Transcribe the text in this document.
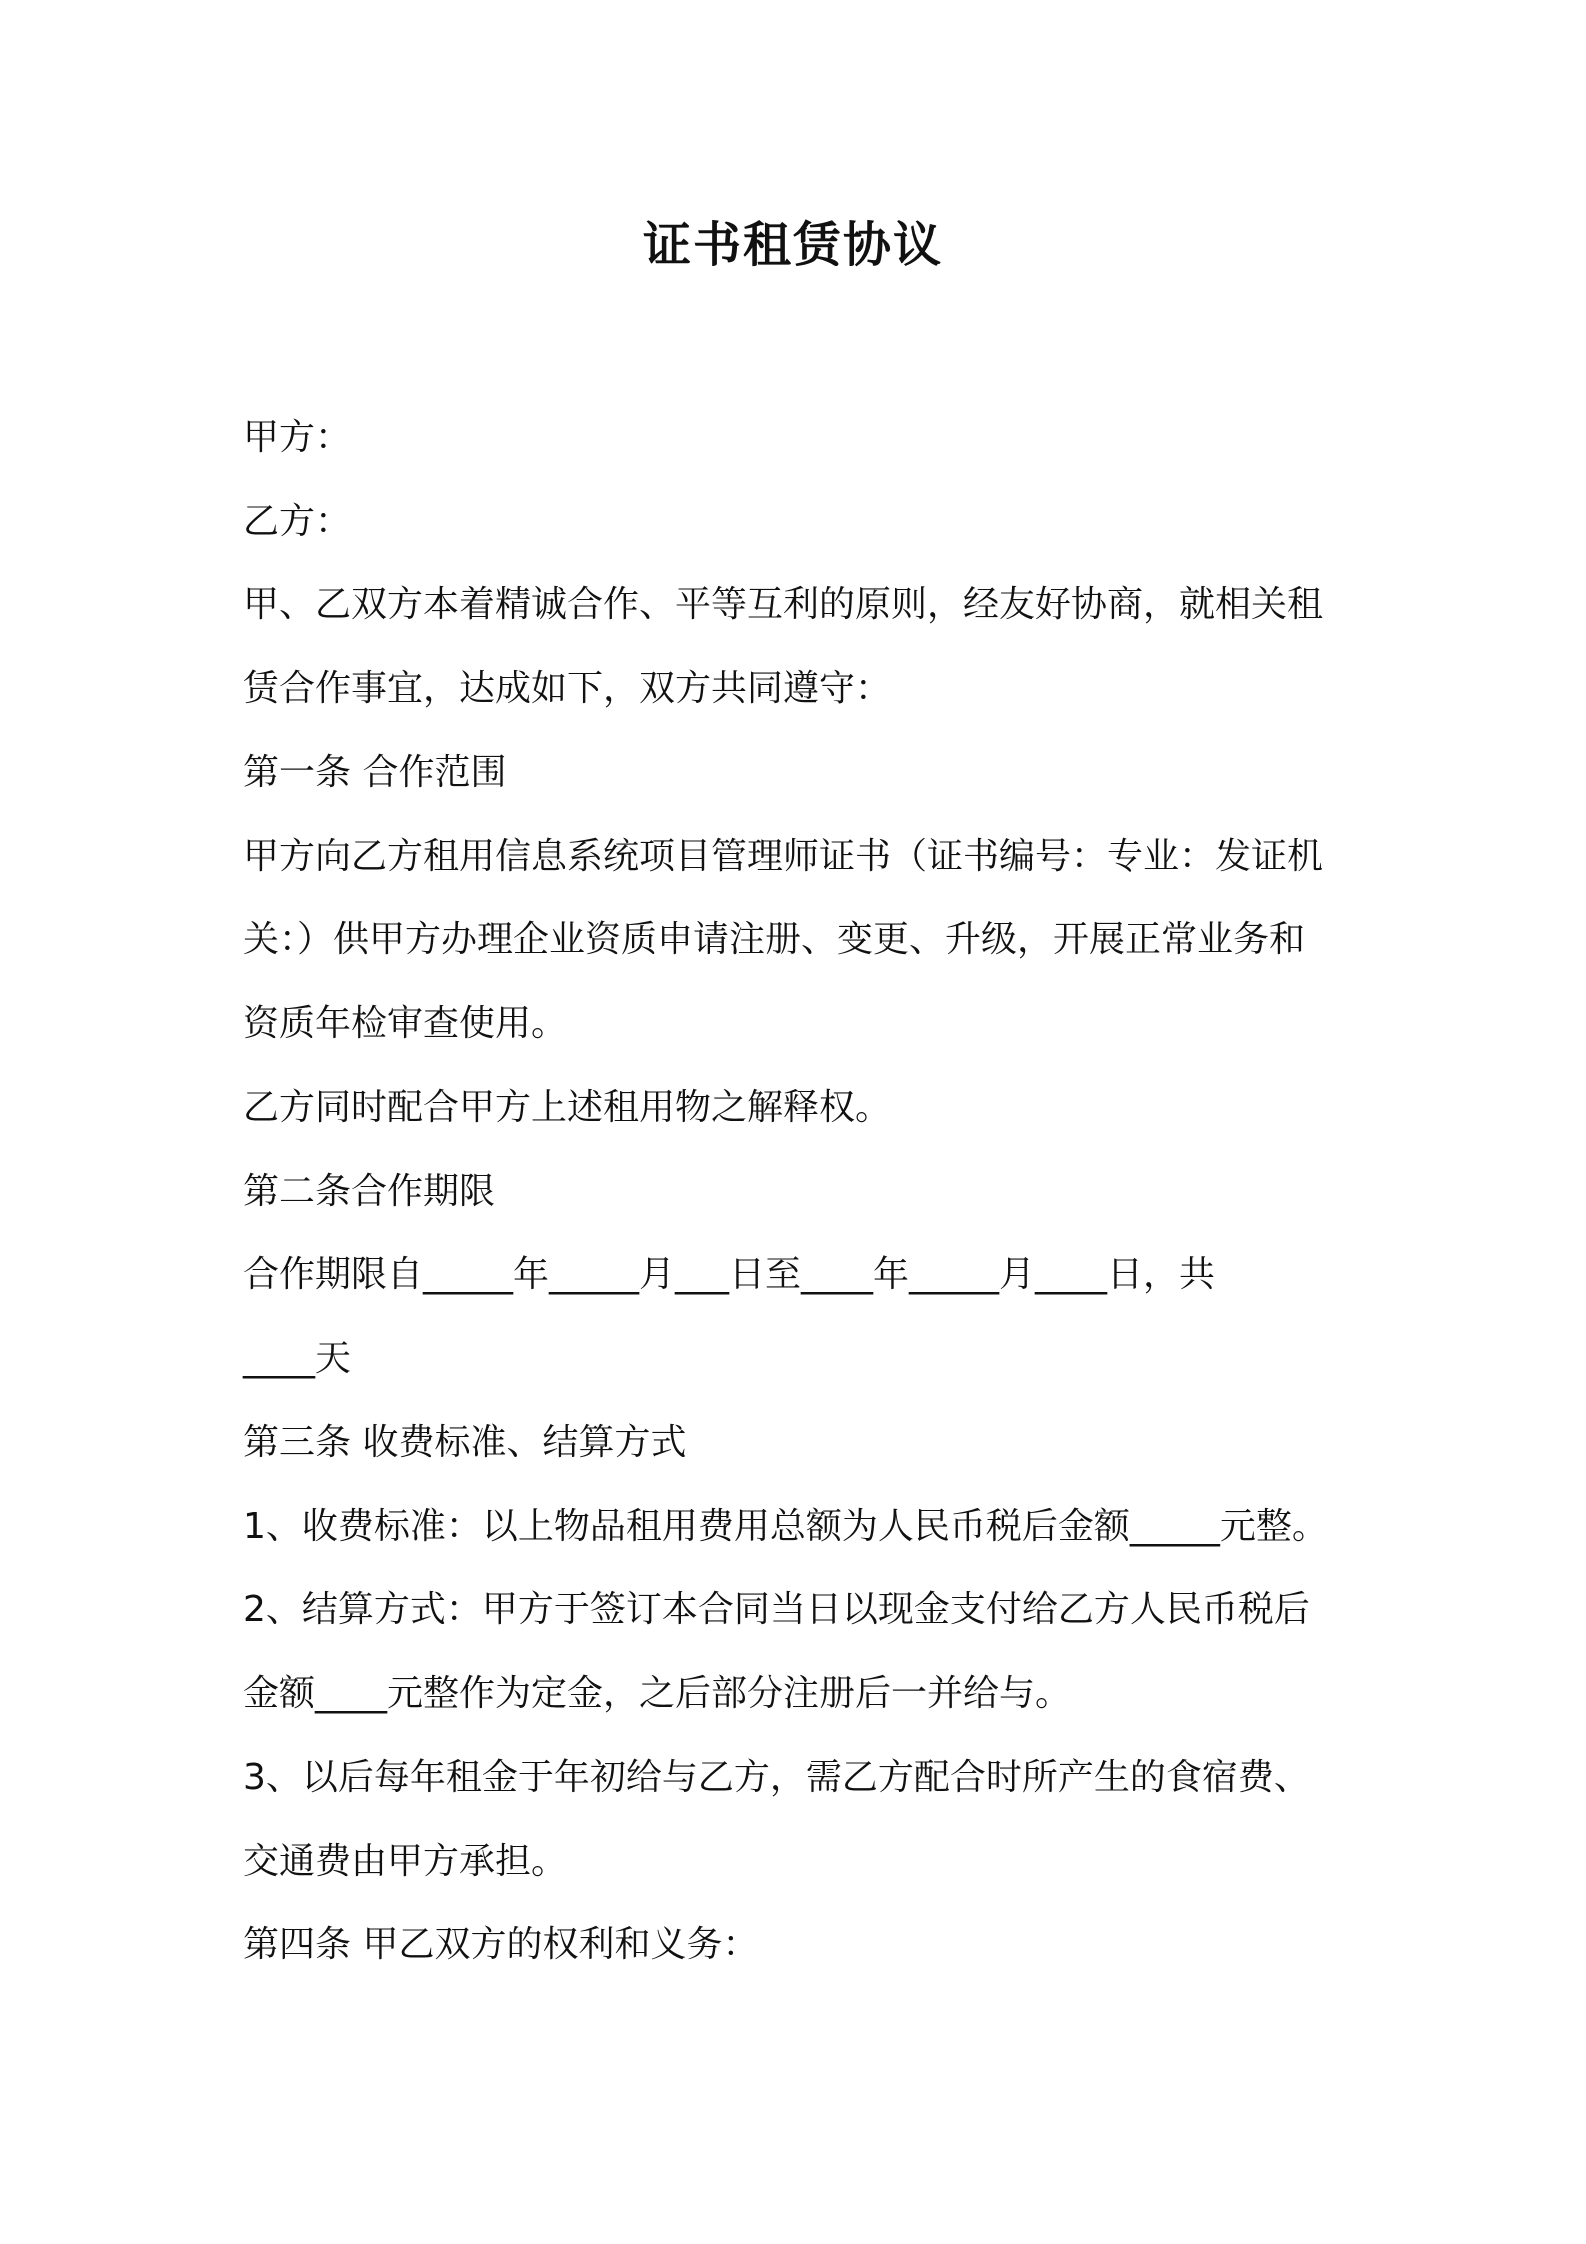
证书租赁协议
甲方：
乙方：
甲、乙双方本着精诚合作、平等互利的原则，经友好协商，就相关租
赁合作事宜，达成如下，双方共同遵守：
第一条 合作范围
甲方向乙方租用信息系统项目管理师证书（证书编号：专业：发证机
关：）供甲方办理企业资质申请注册、变更、升级，开展正常业务和
资质年检审查使用。
乙方同时配合甲方上述租用物之解释权。
第二条合作期限
合作期限自_____年_____月___日至____年_____月____日，共
____天
第三条 收费标准、结算方式
1、收费标准：以上物品租用费用总额为人民币税后金额_____元整。
2、结算方式：甲方于签订本合同当日以现金支付给乙方人民币税后
金额____元整作为定金，之后部分注册后一并给与。
3、以后每年租金于年初给与乙方，需乙方配合时所产生的食宿费、
交通费由甲方承担。
第四条 甲乙双方的权利和义务：
